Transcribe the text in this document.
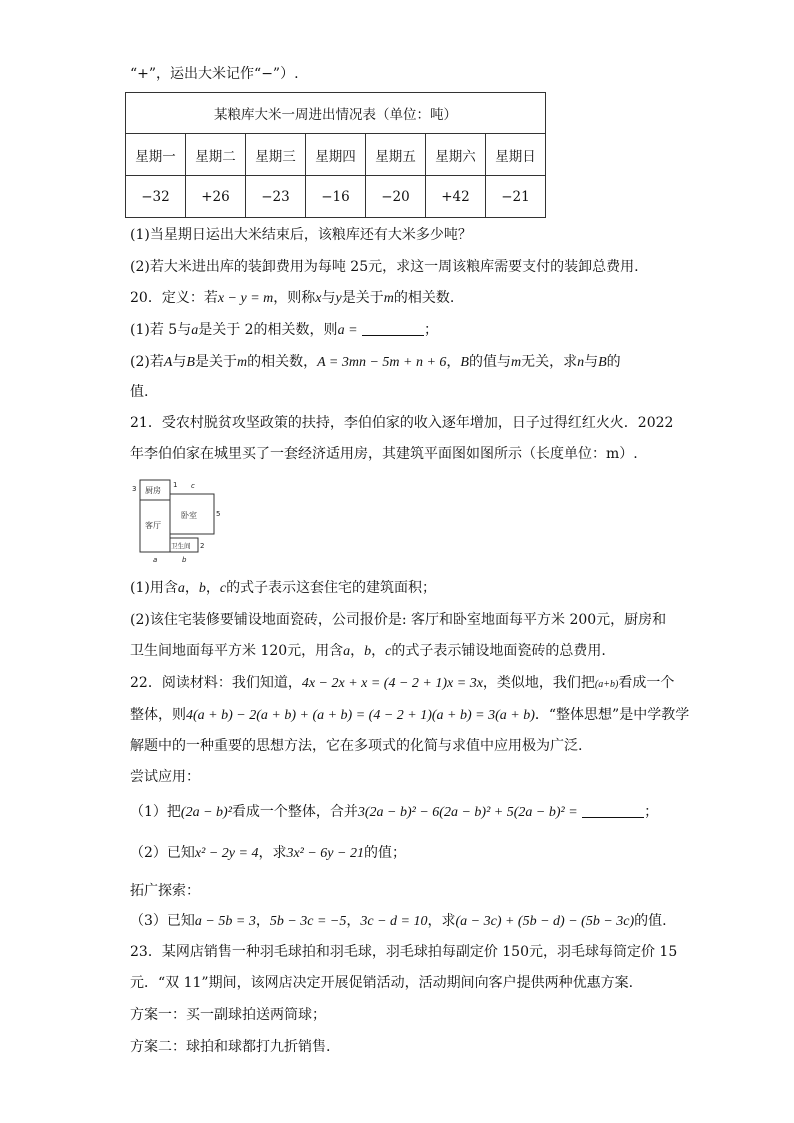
“+”，运出大米记作“−”）.
某粮库大米一周进出情况表（单位：吨）						
星期一	星期二	星期三	星期四	星期五	星期六	星期日
−32	+26	−23	−16	−20	+42	−21
(1)当星期日运出大米结束后，该粮库还有大米多少吨？
(2)若大米进出库的装卸费用为每吨 25元，求这一周该粮库需要支付的装卸总费用.
20．定义：若x − y = m，则称x与y是关于m的相关数.
(1)若 5与a是关于 2的相关数，则a =	；
(2)若A与B是关于m的相关数，A = 3mn − 5m + n + 6，B的值与m无关，求n与B的
值.
21．受农村脱贫攻坚政策的扶持，李伯伯家的收入逐年增加，日子过得红红火火．2022
年李伯伯家在城里买了一套经济适用房，其建筑平面图如图所示（长度单位：m）.
厨房
客厅
卧室
卫生间
3	1 c
5
2
a	b
(1)用含a，b，c的式子表示这套住宅的建筑面积；
(2)该住宅装修要铺设地面瓷砖，公司报价是: 客厅和卧室地面每平方米 200元，厨房和
卫生间地面每平方米 120元，用含a，b，c的式子表示铺设地面瓷砖的总费用.
22．阅读材料：我们知道，4x − 2x + x = (4 − 2 + 1)x = 3x，类似地，我们把(a+b)看成一个
整体，则4(a + b) − 2(a + b) + (a + b) = (4 − 2 + 1)(a + b) = 3(a + b)．“整体思想”是中学教学
解题中的一种重要的思想方法，它在多项式的化简与求值中应用极为广泛.
尝试应用：
（1）把(2a − b)²看成一个整体，合并3(2a − b)² − 6(2a − b)² + 5(2a − b)² =	；
（2）已知x² − 2y = 4，求3x² − 6y − 21的值；
拓广探索：
（3）已知a − 5b = 3，5b − 3c = −5，3c − d = 10，求(a − 3c) + (5b − d) − (5b − 3c)的值.
23．某网店销售一种羽毛球拍和羽毛球，羽毛球拍每副定价 150元，羽毛球每筒定价 15
元．“双 11”期间，该网店决定开展促销活动，活动期间向客户提供两种优惠方案.
方案一：买一副球拍送两筒球；
方案二：球拍和球都打九折销售.
